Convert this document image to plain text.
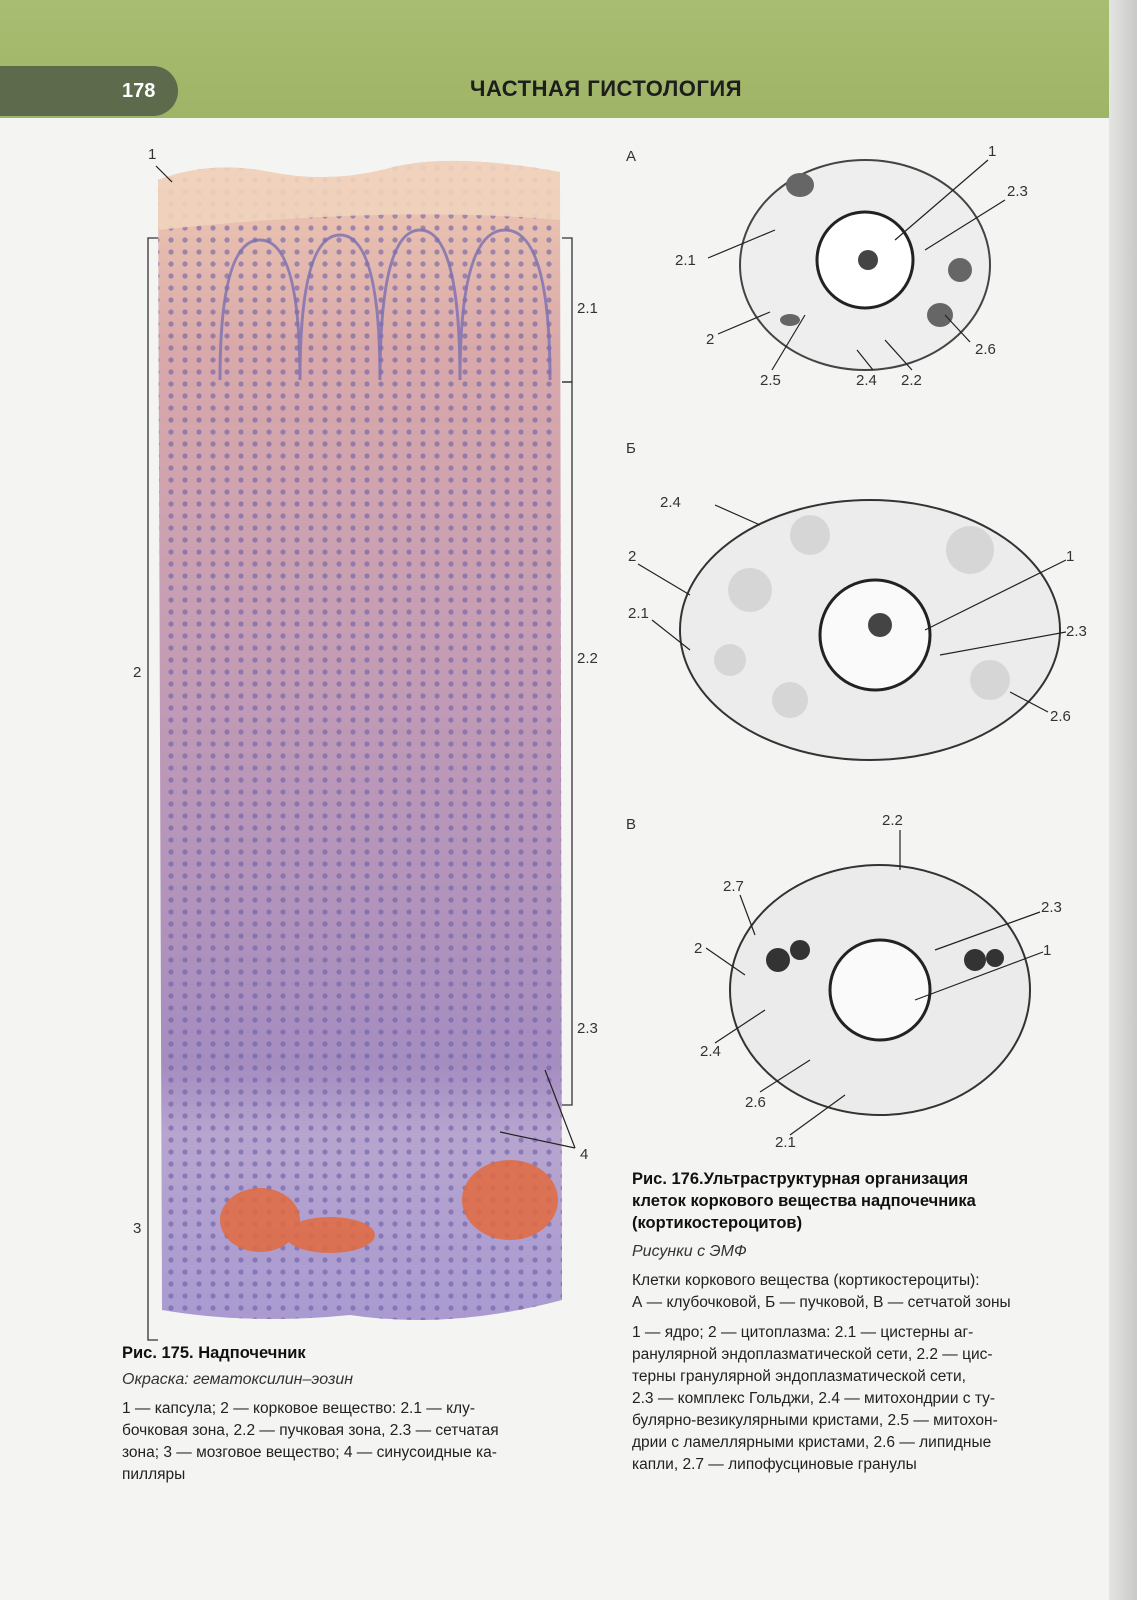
178	ЧАСТНАЯ ГИСТОЛОГИЯ
1
2
2.1
2.2
2.3
3
4
А
Б
В
1
2.3
2.1
2
2.6
2.5	2.4 2.2
2.4
2	1
2.1
2.3
2.6
2.2
2.7
2.3
2	1
2.4
2.6
2.1
Рис. 175. Надпочечник
Окраска: гематоксилин–эозин
1 — капсула; 2 — корковое вещество: 2.1 — клу-
бочковая зона, 2.2 — пучковая зона, 2.3 — сетчатая
зона; 3 — мозговое вещество; 4 — синусоидные ка-
пилляры
Рис. 176.Ультраструктурная организация
клеток коркового вещества надпочечника
(кортикостероцитов)
Рисунки с ЭМФ
Клетки коркового вещества (кортикостероциты):
А — клубочковой, Б — пучковой, В — сетчатой зоны
1 — ядро; 2 — цитоплазма: 2.1 — цистерны аг-
ранулярной эндоплазматической сети, 2.2 — цис-
терны гранулярной эндоплазматической сети,
2.3 — комплекс Гольджи, 2.4 — митохондрии с ту-
булярно-везикулярными кристами, 2.5 — митохон-
дрии с ламеллярными кристами, 2.6 — липидные
капли, 2.7 — липофусциновые гранулы
